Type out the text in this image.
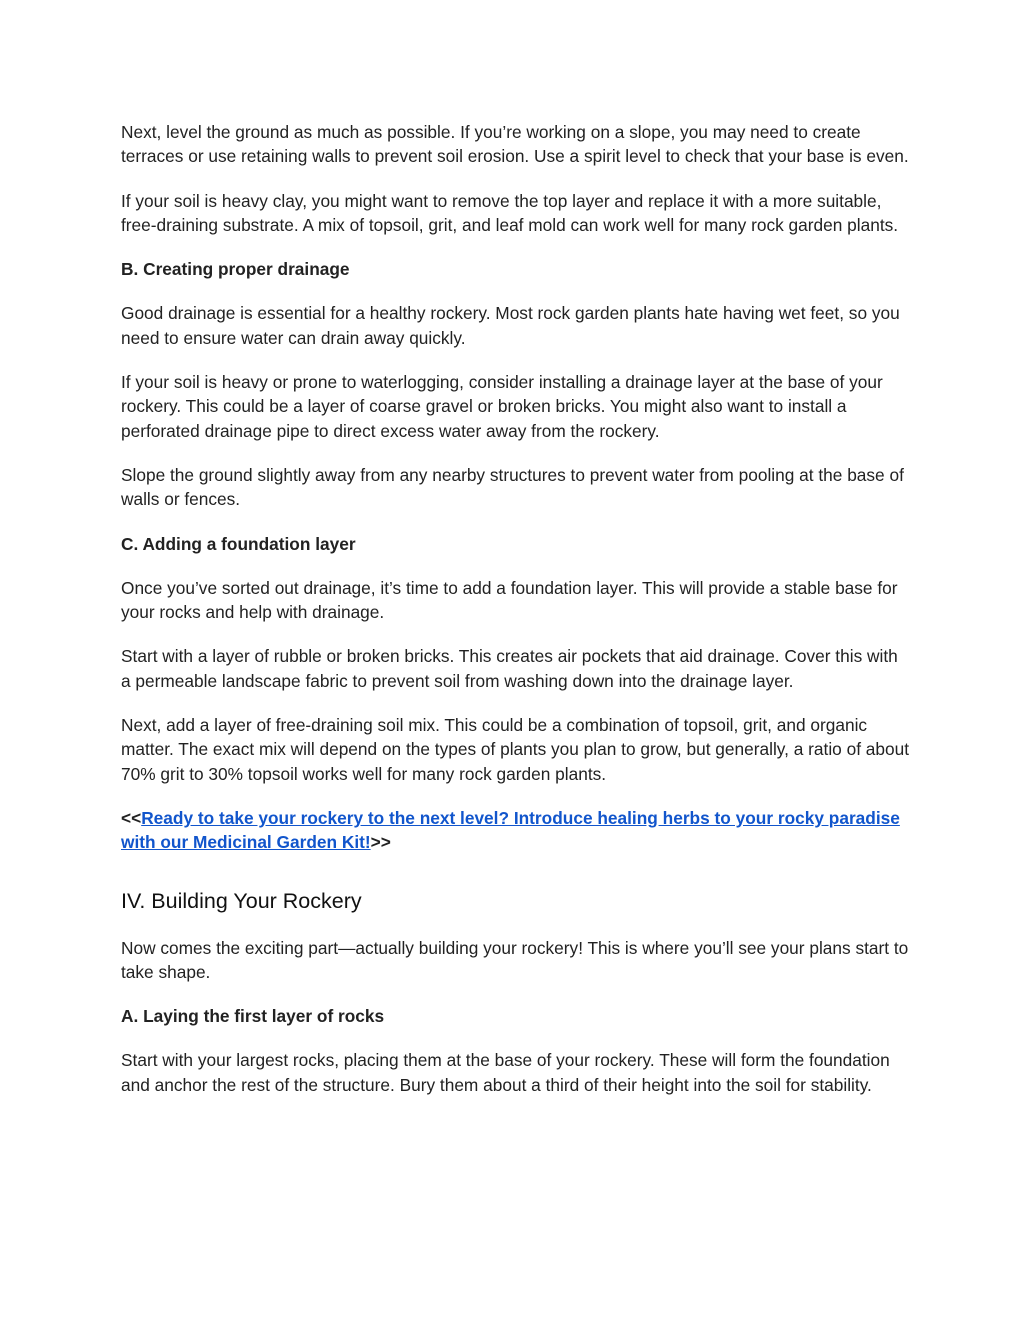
Next, level the ground as much as possible. If you’re working on a slope, you may need to create terraces or use retaining walls to prevent soil erosion. Use a spirit level to check that your base is even.

If your soil is heavy clay, you might want to remove the top layer and replace it with a more suitable, free-draining substrate. A mix of topsoil, grit, and leaf mold can work well for many rock garden plants.

B. Creating proper drainage

Good drainage is essential for a healthy rockery. Most rock garden plants hate having wet feet, so you need to ensure water can drain away quickly.

If your soil is heavy or prone to waterlogging, consider installing a drainage layer at the base of your rockery. This could be a layer of coarse gravel or broken bricks. You might also want to install a perforated drainage pipe to direct excess water away from the rockery.

Slope the ground slightly away from any nearby structures to prevent water from pooling at the base of walls or fences.

C. Adding a foundation layer

Once you’ve sorted out drainage, it’s time to add a foundation layer. This will provide a stable base for your rocks and help with drainage.

Start with a layer of rubble or broken bricks. This creates air pockets that aid drainage. Cover this with a permeable landscape fabric to prevent soil from washing down into the drainage layer.

Next, add a layer of free-draining soil mix. This could be a combination of topsoil, grit, and organic matter. The exact mix will depend on the types of plants you plan to grow, but generally, a ratio of about 70% grit to 30% topsoil works well for many rock garden plants.

<<Ready to take your rockery to the next level? Introduce healing herbs to your rocky paradise with our Medicinal Garden Kit!>>

IV. Building Your Rockery

Now comes the exciting part—actually building your rockery! This is where you’ll see your plans start to take shape.

A. Laying the first layer of rocks

Start with your largest rocks, placing them at the base of your rockery. These will form the foundation and anchor the rest of the structure. Bury them about a third of their height into the soil for stability.
